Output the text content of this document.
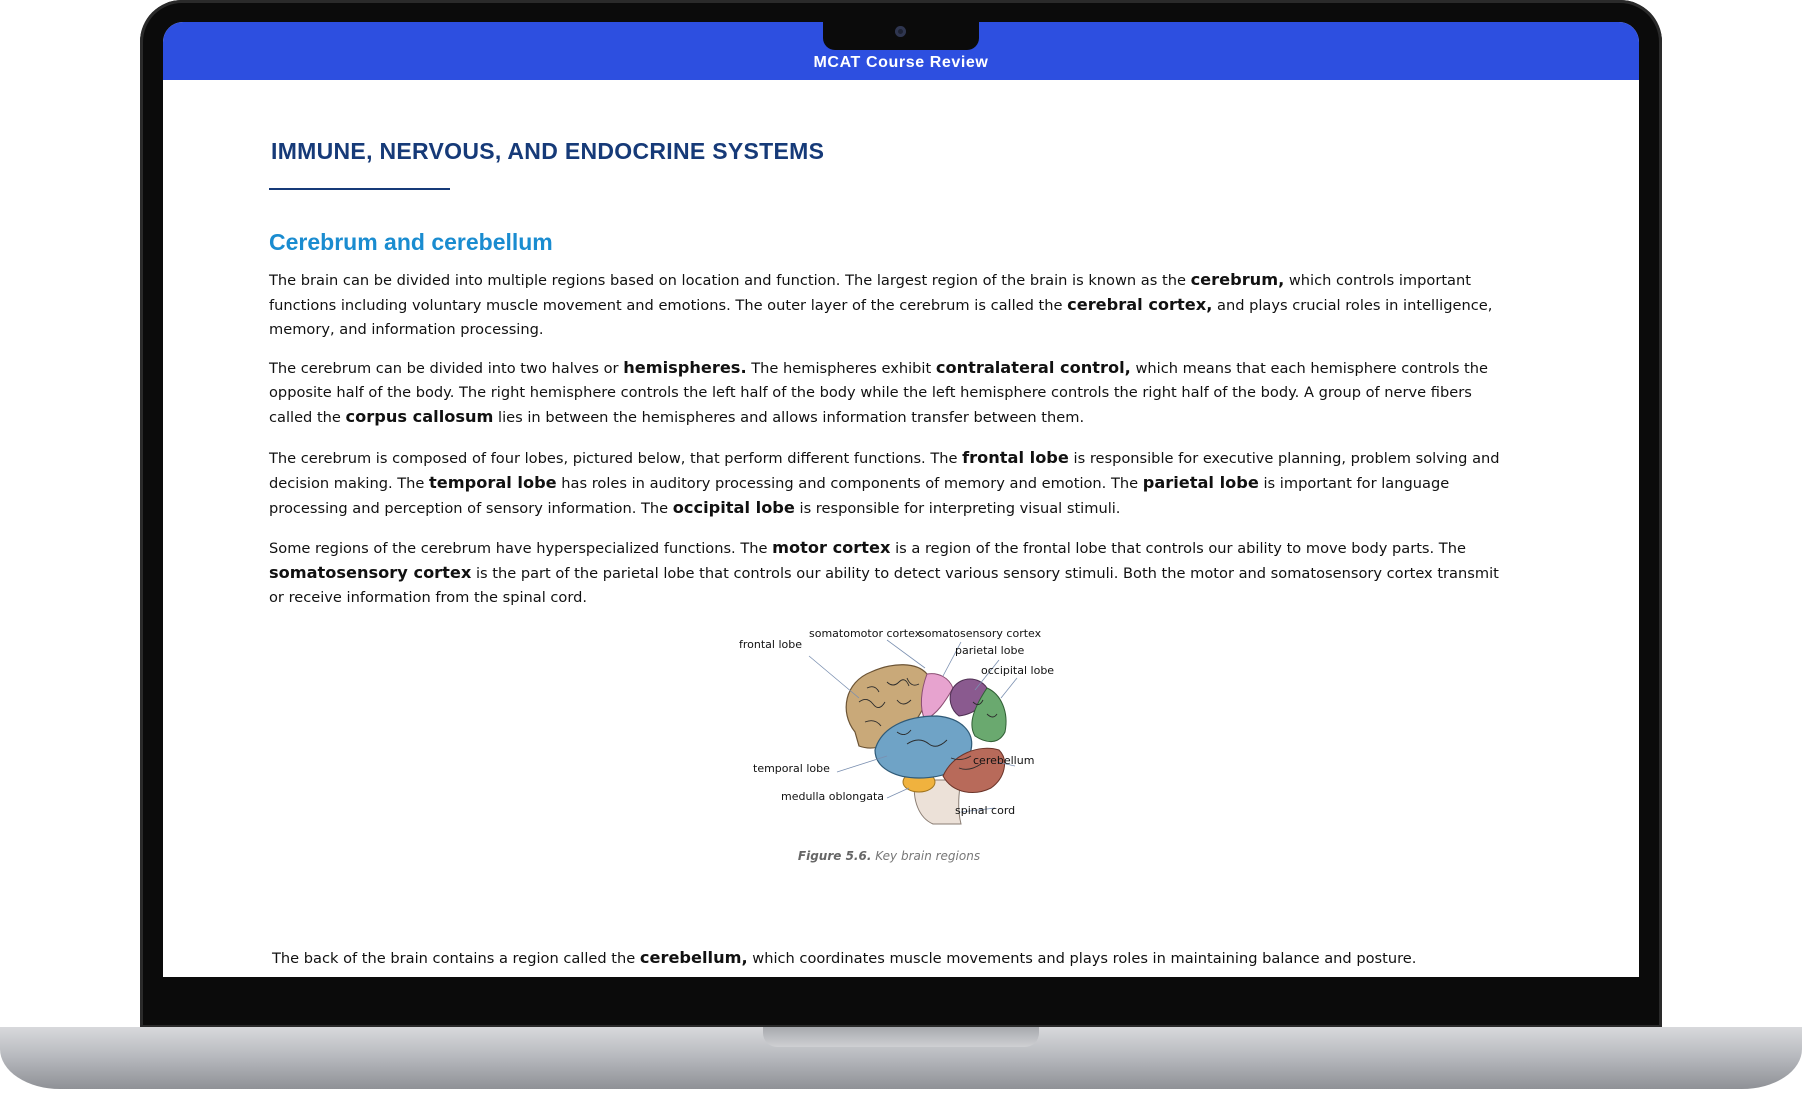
MCAT Course Review
IMMUNE, NERVOUS, AND ENDOCRINE SYSTEMS
Cerebrum and cerebellum

The brain can be divided into multiple regions based on location and function. The largest region of the brain is known as the cerebrum, which controls important functions including voluntary muscle movement and emotions. The outer layer of the cerebrum is called the cerebral cortex, and plays crucial roles in intelligence, memory, and information processing.

The cerebrum can be divided into two halves or hemispheres. The hemispheres exhibit contralateral control, which means that each hemisphere controls the opposite half of the body. The right hemisphere controls the left half of the body while the left hemisphere controls the right half of the body. A group of nerve fibers called the corpus callosum lies in between the hemispheres and allows information transfer between them.

The cerebrum is composed of four lobes, pictured below, that perform different functions. The frontal lobe is responsible for executive planning, problem solving and decision making. The temporal lobe has roles in auditory processing and components of memory and emotion. The parietal lobe is important for language processing and perception of sensory information. The occipital lobe is responsible for interpreting visual stimuli.

Some regions of the cerebrum have hyperspecialized functions. The motor cortex is a region of the frontal lobe that controls our ability to move body parts. The somatosensory cortex is the part of the parietal lobe that controls our ability to detect various sensory stimuli. Both the motor and somatosensory cortex transmit or receive information from the spinal cord.

frontal lobe
somatomotor cortex
somatosensory cortex
parietal lobe
occipital lobe
cerebellum
temporal lobe
medulla oblongata
spinal cord
Figure 5.6. Key brain regions

The back of the brain contains a region called the cerebellum, which coordinates muscle movements and plays roles in maintaining balance and posture.
